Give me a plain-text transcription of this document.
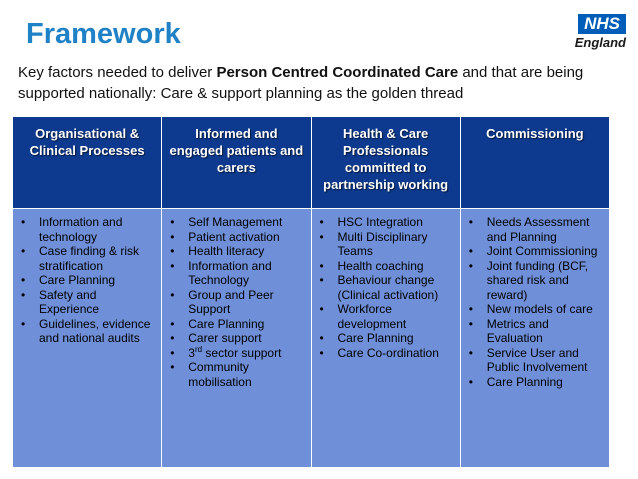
Framework	NHS
England
Key factors needed to deliver Person Centred Coordinated Care and that are being supported nationally: Care & support planning as the golden thread
Organisational & Clinical Processes
• Information and technology
• Case finding & risk stratification
• Care Planning
• Safety and Experience
• Guidelines, evidence and national audits
Informed and engaged patients and carers
• Self Management
• Patient activation
• Health literacy
• Information and Technology
• Group and Peer Support
• Care Planning
• Carer support
• 3rd sector support
• Community mobilisation
Health & Care Professionals committed to partnership working
• HSC Integration
• Multi Disciplinary Teams
• Health coaching
• Behaviour change (Clinical activation)
• Workforce development
• Care Planning
• Care Co-ordination
Commissioning
• Needs Assessment and Planning
• Joint Commissioning
• Joint funding (BCF, shared risk and reward)
• New models of care
• Metrics and Evaluation
• Service User and Public Involvement
• Care Planning
